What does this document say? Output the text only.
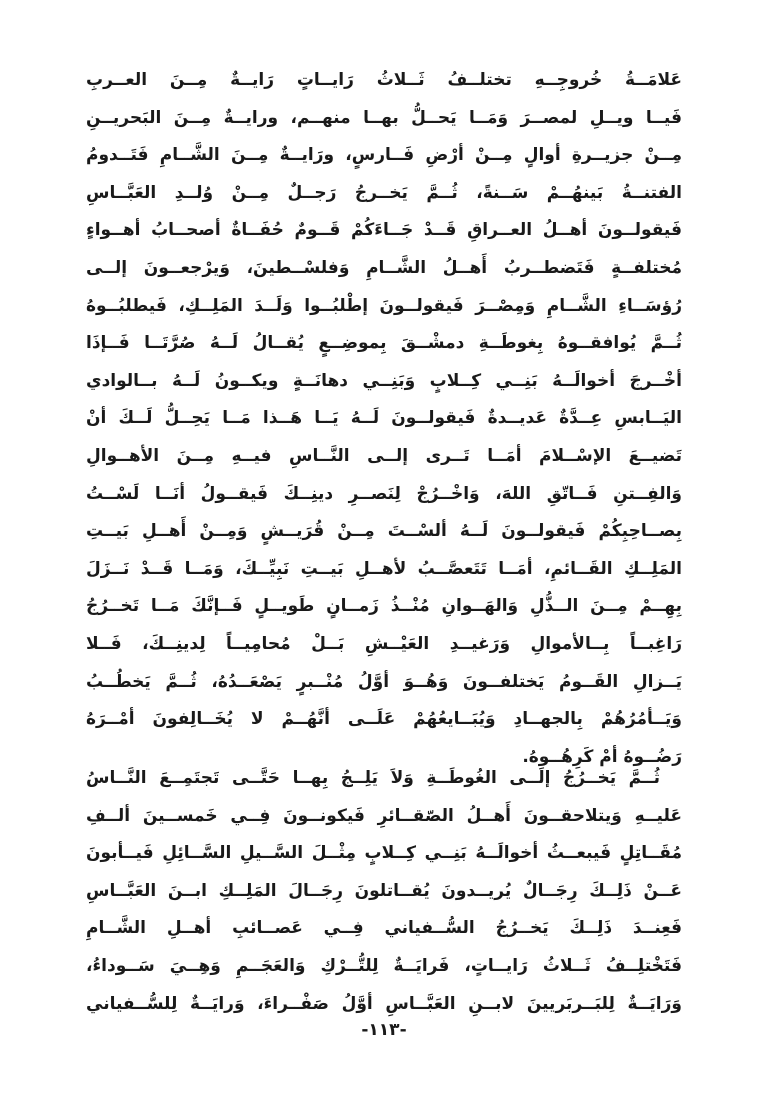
عَلامَــةُ خُروجِــهِ تختلــفُ ثَــلاثُ رَايــاتٍ رَايــةٌ مِــنَ العــربِ
فَيــا ويــلِ لمصــرَ وَمَــا يَحــلُّ بهــا منهــم، ورايــةٌ مِــنَ البَحريــنِ
مِــنْ جزيــرةِ أوالٍ مِــنْ أرْضِ فَــارسٍ، ورَايــةٌ مِــنَ الشَّــامِ فَتَــدومُ
الفتنــةُ بَينهُــمْ سَــنةً، ثُــمَّ يَخــرجُ رَجــلٌ مِــنْ وُلــدِ العَبَّــاسِ
فَيقولــونَ أهــلُ العــراقِ قَــدْ جَــاءَكُمْ قَــومٌ حُفَــاةٌ أصحــابُ أهــواءٍ
مُختلفــةٍ فَتَضطــربُ أَهــلُ الشَّــامِ وَفلسْــطينَ، وَيرْجعــونَ إلــى
رُؤسَــاءِ الشَّــامِ وَمِصْــرَ فَيقولــونَ إطْلبُــوا وَلَــدَ المَلِــكِ، فَيطلبُــوهُ
ثُــمَّ يُوافقــوهُ بِغوطَــةِ دمشْــقَ بِموضِــعٍ يُقــالُ لَــهُ صُرَّتَــا فَــإذَا
أخْــرجَ أخوالَــهُ بَنِــي كِــلابٍ وَبَنِــي دهانَــةٍ ويكــونُ لَــهُ بــالوادي
اليَــابسِ عِــدَّةٌ عَديــدةٌ فَيقولــونَ لَــهُ يَــا هَــذا مَــا يَحِــلُّ لَــكَ أنْ
تَضيــعَ الإسْــلامَ أمَــا تَــرى إلــى النَّــاسِ فيــهِ مِــنَ الأهــوالِ
وَالفِــتنِ فَــاتّقِ اللهَ، وَاخْــرُجْ لِنَصــرِ دينِــكَ فَيقــولُ أنَــا لَسْــتُ
بِصــاحِبِكُمْ فَيقولــونَ لَــهُ ألسْــتَ مِــنْ قُرَيــشٍ وَمِــنْ أَهــلِ بَيــتِ
المَلِــكِ القَــائمِ، أمَــا تَتَعصَّــبُ لأهــلِ بَيــتِ نَبِيِّــكَ، وَمَــا قَــدْ نَــزَلَ
بِهِــمْ مِــنَ الــذُّلِ وَالهَــوانِ مُنْــذُ زَمــانٍ طَويــلٍ فَــإنَّكَ مَــا تَخــرُجُ
رَاغِبــاً بِــالأموالِ وَرَغيــدِ العَيْــشِ بَــلْ مُحامِيــاً لِدينِــكَ، فَــلا
يَــزالِ القَــومُ يَختلفــونَ وَهُــوَ أوَّلُ مُنْــبرٍ يَصْعَــدُهُ، ثُــمَّ يَخطُــبُ
وَيَــأمُرُهُمْ بِالجهــادِ وَيُبَــايعُهُمْ عَلَــى أنَّهُــمْ لا يُخَــالِفونَ أمْــرَهُ
رَضُــوهُ أمْ كَرِهُــوهُ.
ثُــمَّ يَخــرُجُ إلَــى الغُوطَــةِ وَلاَ يَلِــجُ بِهــا حَتَّــى تَجتَمِــعَ النَّــاسُ
عَليــهِ وَيتلاحقــونَ أَهــلُ الصّقــائرِ فَيكونــونَ فِــي خَمســينَ ألــفِ
مُقَــاتِلٍ فَيبعــثُ أخوالَــهُ بَنِــي كِــلابٍ مِثْــلَ السَّــيلِ السَّــائِلِ فَيــأبونَ
عَــنْ ذَلِــكَ رِجَــالٌ يُريــدونَ يُقــاتلونَ رِجَــالَ المَلِــكِ ابــنَ العَبَّــاسِ
فَعِنــدَ ذَلِــكَ يَخــرُجُ السُّــفياني فِــي عَصــائبِ أهــلِ الشَّــامِ
فَتَخْتلِــفُ ثَــلاثُ رَايــاتٍ، فَرايَــةٌ لِلتُّــرْكِ وَالعَجَــمِ وَهِــيَ سَــوداءُ،
وَرَايَــةٌ لِلبَــربَريينَ لابــنِ العَبَّــاسِ أوَّلُ صَفْــراءَ، وَرايَــةٌ لِلسُّــفياني
-١١٣-
